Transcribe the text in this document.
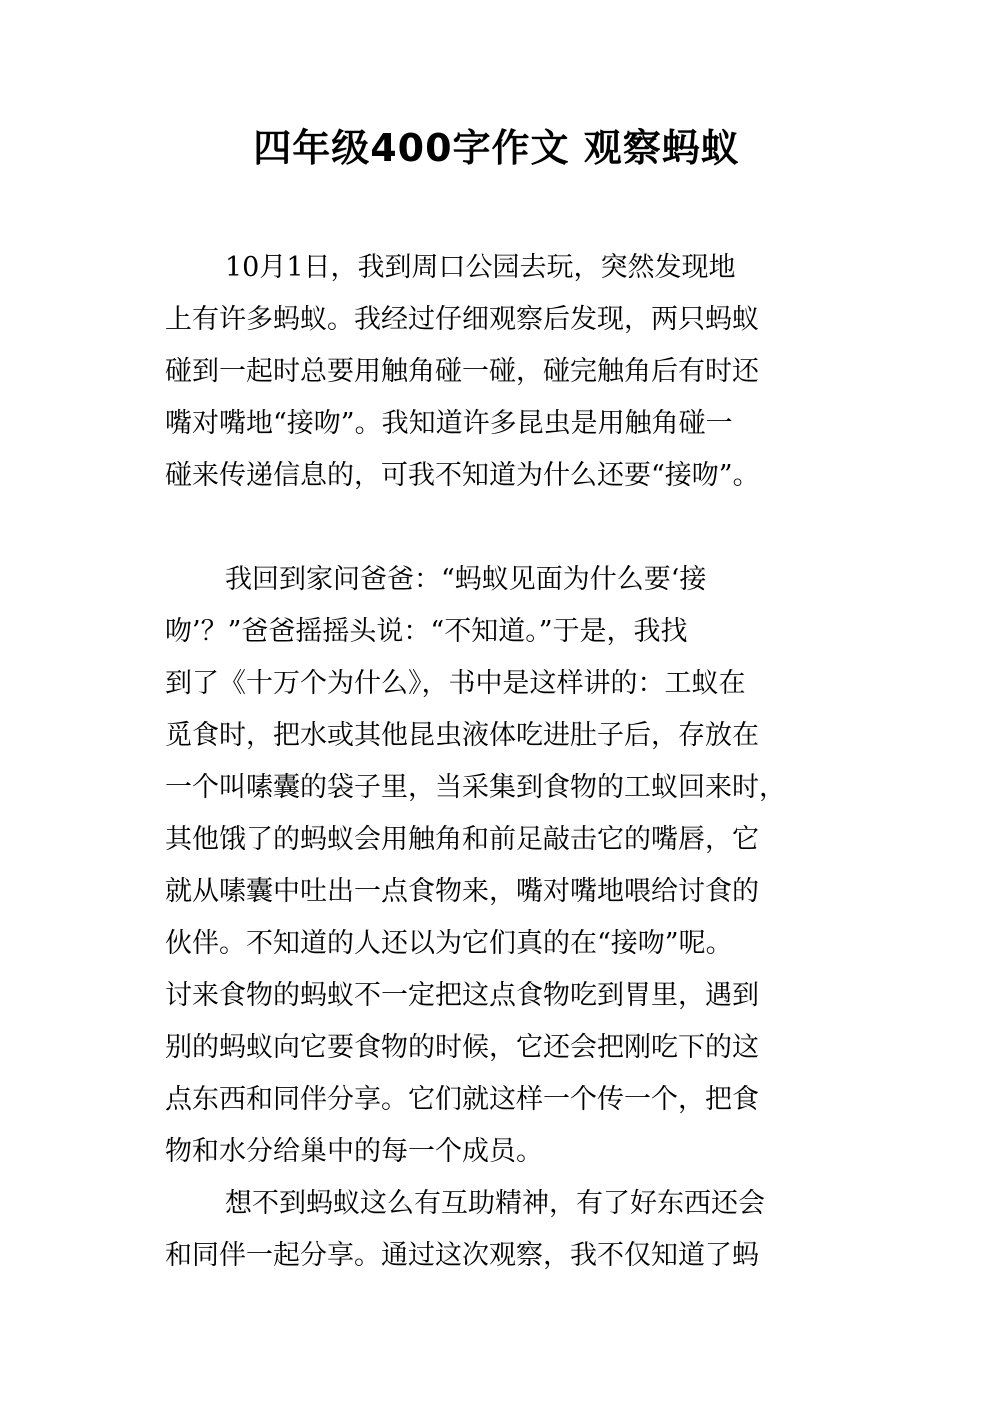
四年级400字作文 观察蚂蚁
10月1日，我到周口公园去玩，突然发现地
上有许多蚂蚁。我经过仔细观察后发现，两只蚂蚁
碰到一起时总要用触角碰一碰，碰完触角后有时还
嘴对嘴地“接吻”。我知道许多昆虫是用触角碰一
碰来传递信息的，可我不知道为什么还要“接吻”。
我回到家问爸爸：“蚂蚁见面为什么要‘接
吻’？”爸爸摇摇头说：“不知道。”于是，我找
到了《十万个为什么》，书中是这样讲的：工蚁在
觅食时，把水或其他昆虫液体吃进肚子后，存放在
一个叫嗉囊的袋子里，当采集到食物的工蚁回来时，
其他饿了的蚂蚁会用触角和前足敲击它的嘴唇，它
就从嗉囊中吐出一点食物来，嘴对嘴地喂给讨食的
伙伴。不知道的人还以为它们真的在“接吻”呢。
讨来食物的蚂蚁不一定把这点食物吃到胃里，遇到
别的蚂蚁向它要食物的时候，它还会把刚吃下的这
点东西和同伴分享。它们就这样一个传一个，把食
物和水分给巢中的每一个成员。
想不到蚂蚁这么有互助精神，有了好东西还会
和同伴一起分享。通过这次观察，我不仅知道了蚂
